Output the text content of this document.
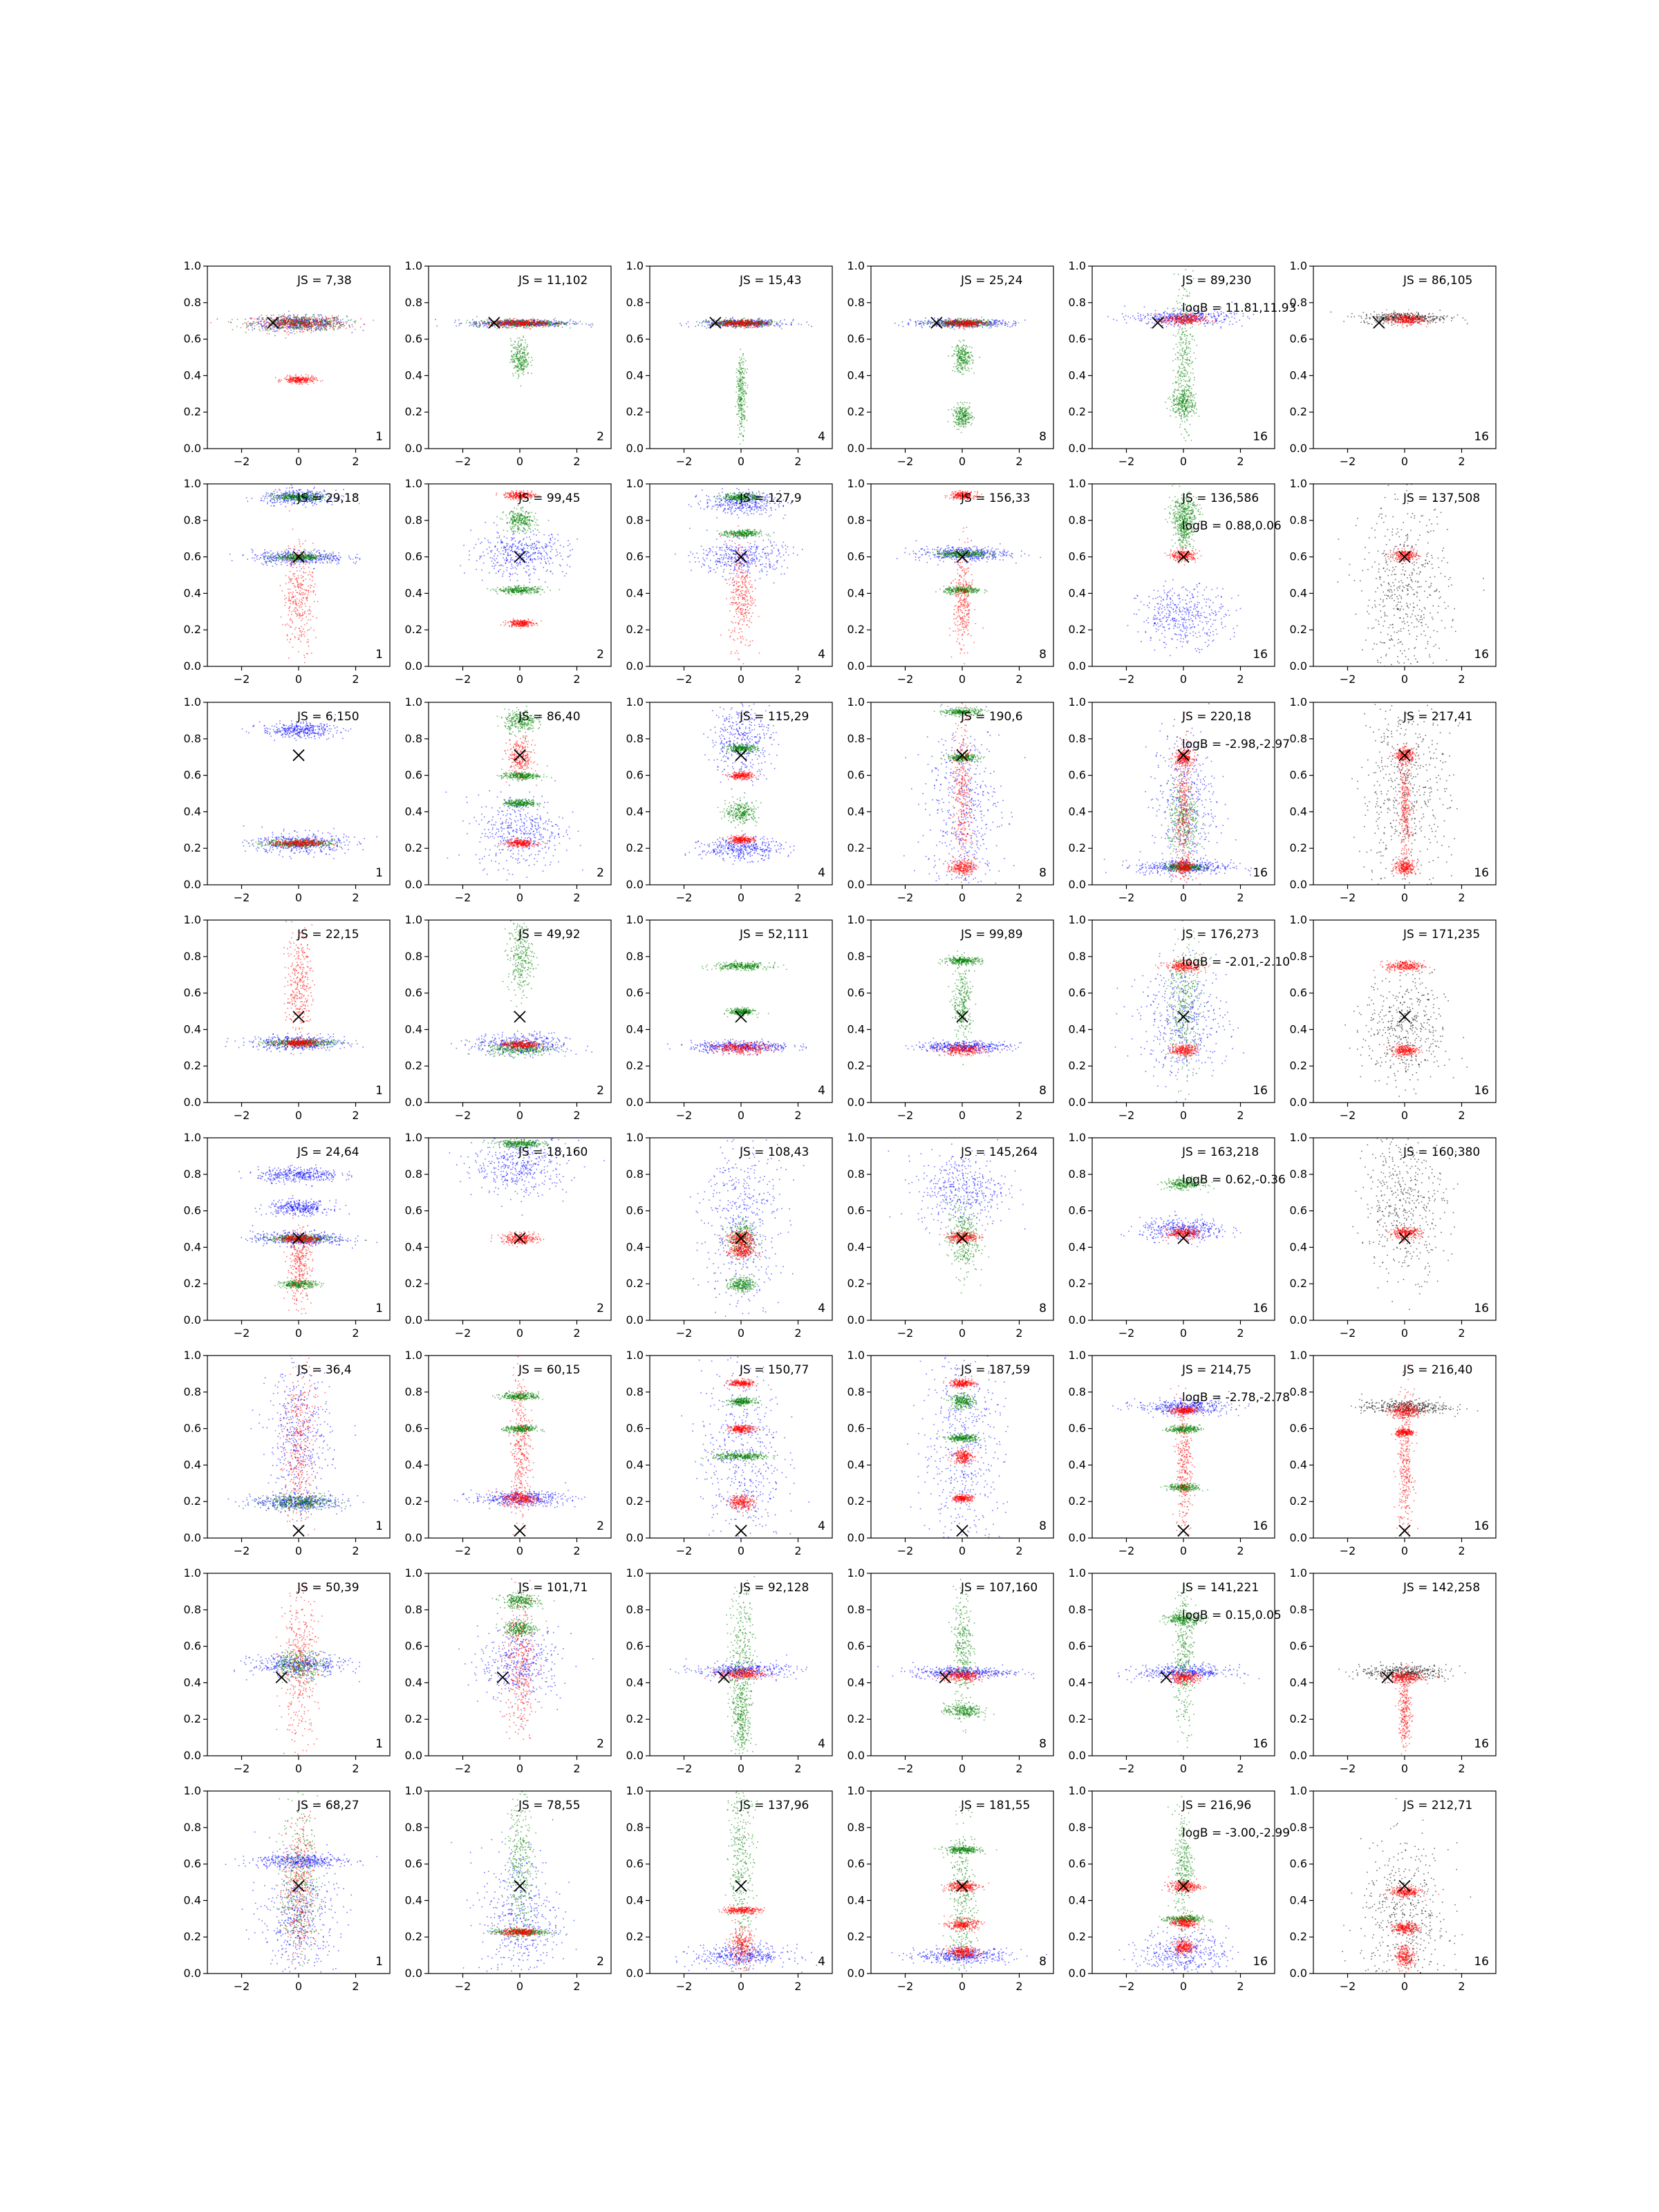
−2	0	2
0.0
0.2
0.4
0.6
0.8
1.0
JS = 7,38
1
−2	0	2
0.0
0.2
0.4
0.6
0.8
1.0
JS = 11,102
2
−2	0	2
0.0
0.2
0.4
0.6
0.8
1.0
JS = 15,43
4
−2	0	2
0.0
0.2
0.4
0.6
0.8
1.0
JS = 25,24
8
−2	0	2
0.0
0.2
0.4
0.6
0.8
1.0
JS = 89,230
logB = 11.81,11.93
16
−2	0	2
0.0
0.2
0.4
0.6
0.8
1.0
JS = 86,105
16
−2	0	2
0.0
0.2
0.4
0.6
0.8
1.0
JS = 29,18
1
−2	0	2
0.0
0.2
0.4
0.6
0.8
1.0
JS = 99,45
2
−2	0	2
0.0
0.2
0.4
0.6
0.8
1.0
JS = 127,9
4
−2	0	2
0.0
0.2
0.4
0.6
0.8
1.0
JS = 156,33
8
−2	0	2
0.0
0.2
0.4
0.6
0.8
1.0
JS = 136,586
logB = 0.88,0.06
16
−2	0	2
0.0
0.2
0.4
0.6
0.8
1.0
JS = 137,508
16
−2	0	2
0.0
0.2
0.4
0.6
0.8
1.0
JS = 6,150
1
−2	0	2
0.0
0.2
0.4
0.6
0.8
1.0
JS = 86,40
2
−2	0	2
0.0
0.2
0.4
0.6
0.8
1.0
JS = 115,29
4
−2	0	2
0.0
0.2
0.4
0.6
0.8
1.0
JS = 190,6
8
−2	0	2
0.0
0.2
0.4
0.6
0.8
1.0
JS = 220,18
logB = -2.98,-2.97
16
−2	0	2
0.0
0.2
0.4
0.6
0.8
1.0
JS = 217,41
16
−2	0	2
0.0
0.2
0.4
0.6
0.8
1.0
JS = 22,15
1
−2	0	2
0.0
0.2
0.4
0.6
0.8
1.0
JS = 49,92
2
−2	0	2
0.0
0.2
0.4
0.6
0.8
1.0
JS = 52,111
4
−2	0	2
0.0
0.2
0.4
0.6
0.8
1.0
JS = 99,89
8
−2	0	2
0.0
0.2
0.4
0.6
0.8
1.0
JS = 176,273
logB = -2.01,-2.10
16
−2	0	2
0.0
0.2
0.4
0.6
0.8
1.0
JS = 171,235
16
−2	0	2
0.0
0.2
0.4
0.6
0.8
1.0
JS = 24,64
1
−2	0	2
0.0
0.2
0.4
0.6
0.8
1.0
JS = 18,160
2
−2	0	2
0.0
0.2
0.4
0.6
0.8
1.0
JS = 108,43
4
−2	0	2
0.0
0.2
0.4
0.6
0.8
1.0
JS = 145,264
8
−2	0	2
0.0
0.2
0.4
0.6
0.8
1.0
JS = 163,218
logB = 0.62,-0.36
16
−2	0	2
0.0
0.2
0.4
0.6
0.8
1.0
JS = 160,380
16
−2	0	2
0.0
0.2
0.4
0.6
0.8
1.0
JS = 36,4
1
−2	0	2
0.0
0.2
0.4
0.6
0.8
1.0
JS = 60,15
2
−2	0	2
0.0
0.2
0.4
0.6
0.8
1.0
JS = 150,77
4
−2	0	2
0.0
0.2
0.4
0.6
0.8
1.0
JS = 187,59
8
−2	0	2
0.0
0.2
0.4
0.6
0.8
1.0
JS = 214,75
logB = -2.78,-2.78
16
−2	0	2
0.0
0.2
0.4
0.6
0.8
1.0
JS = 216,40
16
−2	0	2
0.0
0.2
0.4
0.6
0.8
1.0
JS = 50,39
1
−2	0	2
0.0
0.2
0.4
0.6
0.8
1.0
JS = 101,71
2
−2	0	2
0.0
0.2
0.4
0.6
0.8
1.0
JS = 92,128
4
−2	0	2
0.0
0.2
0.4
0.6
0.8
1.0
JS = 107,160
8
−2	0	2
0.0
0.2
0.4
0.6
0.8
1.0
JS = 141,221
logB = 0.15,0.05
16
−2	0	2
0.0
0.2
0.4
0.6
0.8
1.0
JS = 142,258
16
−2	0	2
0.0
0.2
0.4
0.6
0.8
1.0
JS = 68,27
1
−2	0	2
0.0
0.2
0.4
0.6
0.8
1.0
JS = 78,55
2
−2	0	2
0.0
0.2
0.4
0.6
0.8
1.0
JS = 137,96
4
−2	0	2
0.0
0.2
0.4
0.6
0.8
1.0
JS = 181,55
8
−2	0	2
0.0
0.2
0.4
0.6
0.8
1.0
JS = 216,96
logB = -3.00,-2.99
16
−2	0	2
0.0
0.2
0.4
0.6
0.8
1.0
JS = 212,71
16
